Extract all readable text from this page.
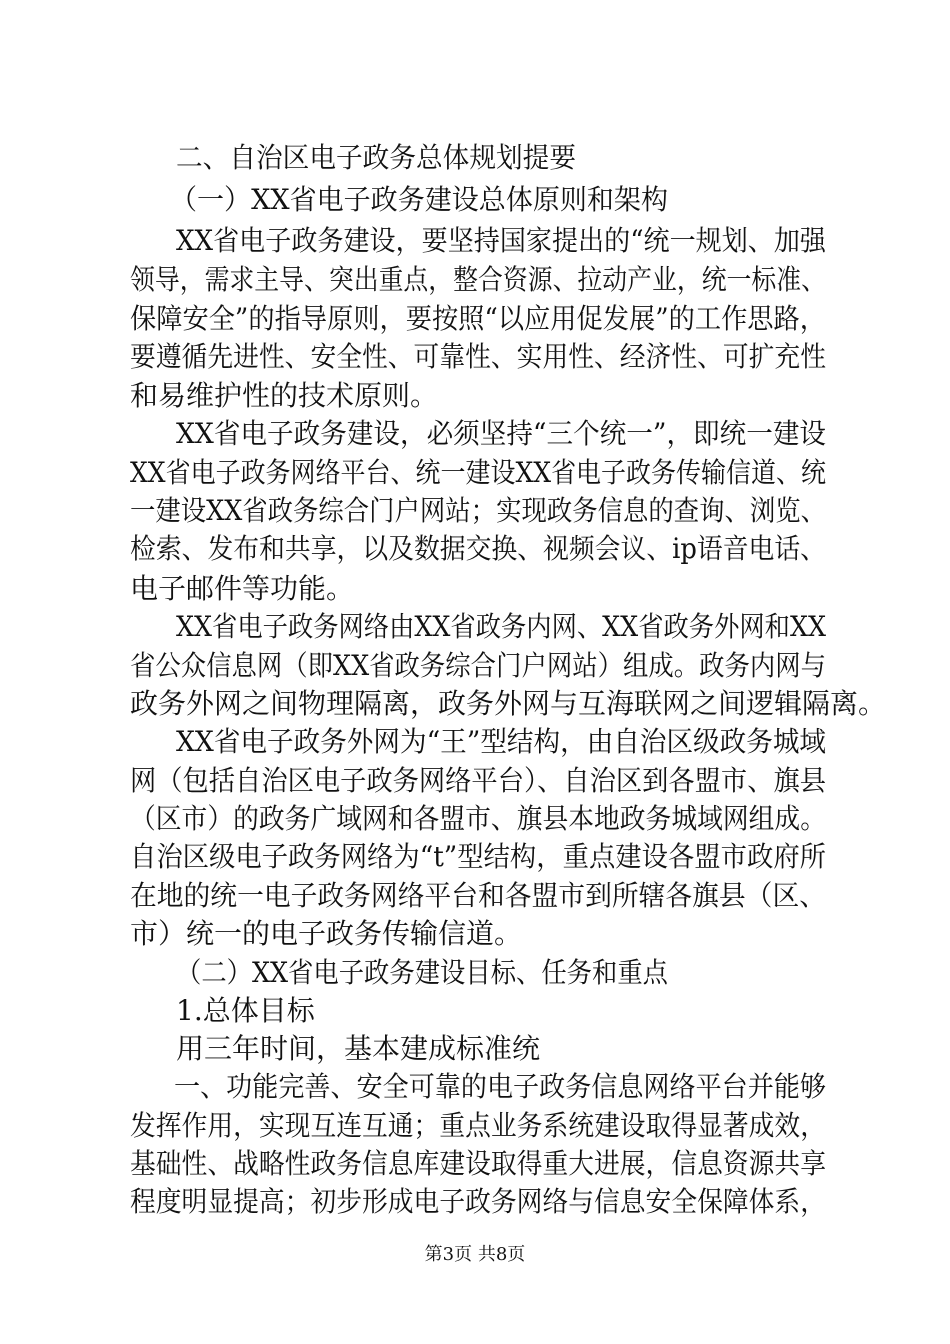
二、自治区电子政务总体规划提要
（一）XX省电子政务建设总体原则和架构
XX省电子政务建设，要坚持国家提出的“统一规划、加强
领导，需求主导、突出重点，整合资源、拉动产业，统一标准、
保障安全”的指导原则，要按照“以应用促发展”的工作思路，
要遵循先进性、安全性、可靠性、实用性、经济性、可扩充性
和易维护性的技术原则。
XX省电子政务建设，必须坚持“三个统一”，即统一建设
XX省电子政务网络平台、统一建设XX省电子政务传输信道、统
一建设XX省政务综合门户网站；实现政务信息的查询、浏览、
检索、发布和共享，以及数据交换、视频会议、ip语音电话、
电子邮件等功能。
XX省电子政务网络由XX省政务内网、XX省政务外网和XX
省公众信息网（即XX省政务综合门户网站）组成。政务内网与
政务外网之间物理隔离，政务外网与互海联网之间逻辑隔离。
XX省电子政务外网为“王”型结构，由自治区级政务城域
网（包括自治区电子政务网络平台）、自治区到各盟市、旗县
（区市）的政务广域网和各盟市、旗县本地政务城域网组成。
自治区级电子政务网络为“t”型结构，重点建设各盟市政府所
在地的统一电子政务网络平台和各盟市到所辖各旗县（区、
市）统一的电子政务传输信道。
（二）XX省电子政务建设目标、任务和重点
1.总体目标
用三年时间，基本建成标准统
一、功能完善、安全可靠的电子政务信息网络平台并能够
发挥作用，实现互连互通；重点业务系统建设取得显著成效，
基础性、战略性政务信息库建设取得重大进展，信息资源共享
程度明显提高；初步形成电子政务网络与信息安全保障体系，
第3页 共8页
